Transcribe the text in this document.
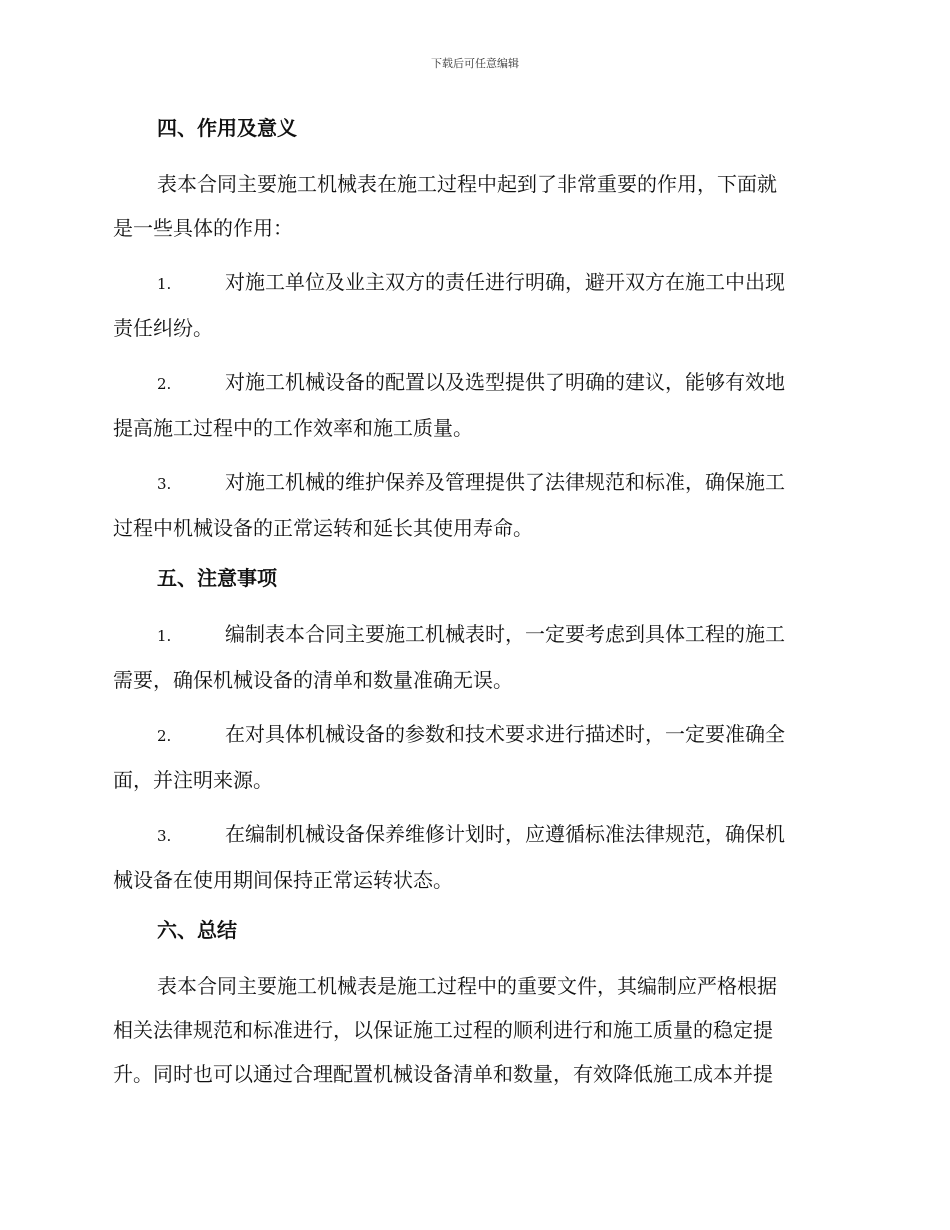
下载后可任意编辑
四、作用及意义
表本合同主要施工机械表在施工过程中起到了非常重要的作用，下面就
是一些具体的作用：
1.	对施工单位及业主双方的责任进行明确，避开双方在施工中出现
责任纠纷。
2.	对施工机械设备的配置以及选型提供了明确的建议，能够有效地
提高施工过程中的工作效率和施工质量。
3.	对施工机械的维护保养及管理提供了法律规范和标准，确保施工
过程中机械设备的正常运转和延长其使用寿命。
五、注意事项
1.	编制表本合同主要施工机械表时，一定要考虑到具体工程的施工
需要，确保机械设备的清单和数量准确无误。
2.	在对具体机械设备的参数和技术要求进行描述时，一定要准确全
面，并注明来源。
3.	在编制机械设备保养维修计划时，应遵循标准法律规范，确保机
械设备在使用期间保持正常运转状态。
六、总结
表本合同主要施工机械表是施工过程中的重要文件，其编制应严格根据
相关法律规范和标准进行，以保证施工过程的顺利进行和施工质量的稳定提
升。同时也可以通过合理配置机械设备清单和数量，有效降低施工成本并提
